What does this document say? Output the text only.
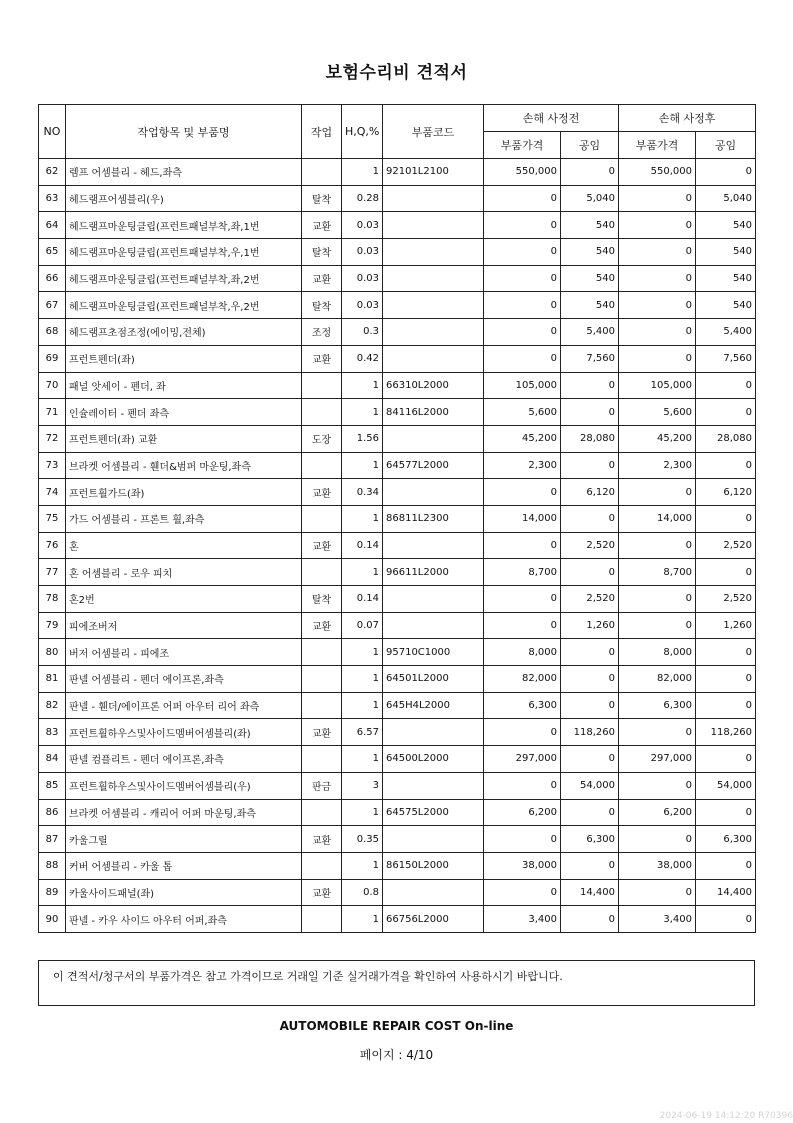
보험수리비 견적서
NO	작업항목 및 부품명	작업	H,Q,%	부품코드	손해 사정전		손해 사정후	
					부품가격	공임	부품가격	공임
62	렘프 어셈블리 - 헤드,좌측		1	92101L2100	550,000	0	550,000	0
63	헤드램프어셈블리(우)	탈착	0.28		0	5,040	0	5,040
64	헤드램프마운팅클립(프런트패널부착,좌,1번	교환	0.03		0	540	0	540
65	헤드램프마운팅클립(프런트패널부착,우,1번	탈착	0.03		0	540	0	540
66	헤드램프마운팅클립(프런트패널부착,좌,2번	교환	0.03		0	540	0	540
67	헤드램프마운팅클립(프런트패널부착,우,2번	탈착	0.03		0	540	0	540
68	헤드램프초점조정(에이밍,전체)	조정	0.3		0	5,400	0	5,400
69	프런트펜더(좌)	교환	0.42		0	7,560	0	7,560
70	패널 앗세이 - 펜더, 좌		1	66310L2000	105,000	0	105,000	0
71	인슐레이터 - 펜더 좌측		1	84116L2000	5,600	0	5,600	0
72	프런트펜더(좌) 교환	도장	1.56		45,200	28,080	45,200	28,080
73	브라켓 어셈블리 - 휀더&범퍼 마운팅,좌측		1	64577L2000	2,300	0	2,300	0
74	프런트휠가드(좌)	교환	0.34		0	6,120	0	6,120
75	가드 어셈블리 - 프론트 휠,좌측		1	86811L2300	14,000	0	14,000	0
76	혼	교환	0.14		0	2,520	0	2,520
77	혼 어셈블리 - 로우 피치		1	96611L2000	8,700	0	8,700	0
78	혼2번	탈착	0.14		0	2,520	0	2,520
79	피에조버저	교환	0.07		0	1,260	0	1,260
80	버저 어셈블리 - 피에조		1	95710C1000	8,000	0	8,000	0
81	판넬 어셈블리 - 펜더 에이프론,좌측		1	64501L2000	82,000	0	82,000	0
82	판넬 - 휀더/에이프론 어퍼 아우터 리어 좌측		1	645H4L2000	6,300	0	6,300	0
83	프런트휠하우스및사이드멤버어셈블리(좌)	교환	6.57		0	118,260	0	118,260
84	판넬 컴플리트 - 펜더 에이프론,좌측		1	64500L2000	297,000	0	297,000	0
85	프런트휠하우스및사이드멤버어셈블리(우)	판금	3		0	54,000	0	54,000
86	브라켓 어셈블리 - 캐리어 어퍼 마운팅,좌측		1	64575L2000	6,200	0	6,200	0
87	카울그릴	교환	0.35		0	6,300	0	6,300
88	커버 어셈블리 - 카울 톱		1	86150L2000	38,000	0	38,000	0
89	카울사이드패널(좌)	교환	0.8		0	14,400	0	14,400
90	판넬 - 카우 사이드 아우터 어퍼,좌측		1	66756L2000	3,400	0	3,400	0
이 견적서/청구서의 부품가격은 참고 가격이므로 거래일 기준 실거래가격을 확인하여 사용하시기 바랍니다.
AUTOMOBILE REPAIR COST On-line
페이지 : 4/10
2024-06-19 14:12:20 R70396
